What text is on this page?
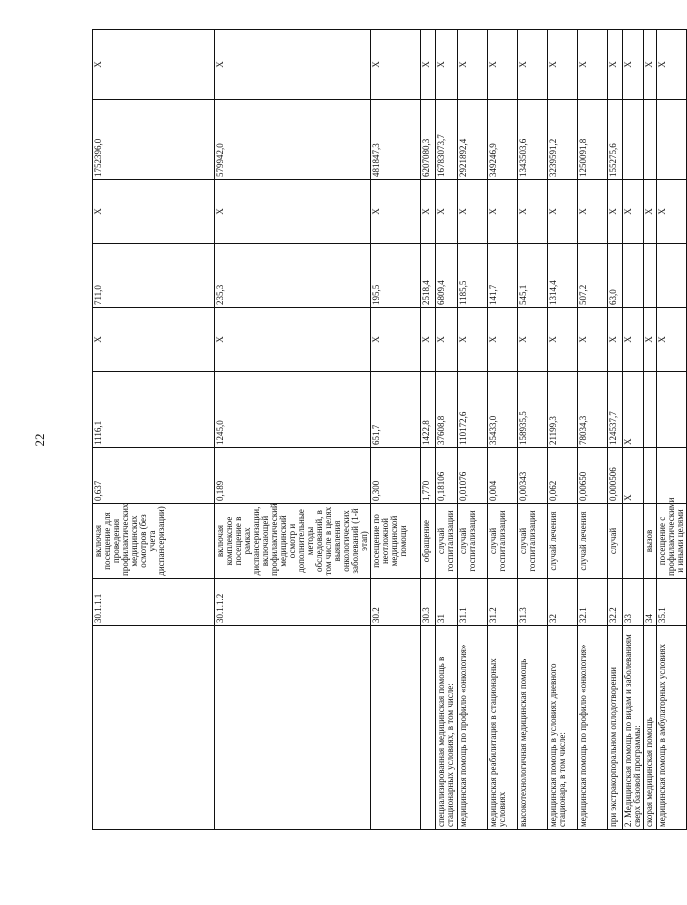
22
	30.1.1.1	включая посещение для проведения профилактических медицинских осмотров (без учета диспансеризации)	0,637	1116,1	X	711,0	X	1752396,0	X
	30.1.1.2	включая комплексное посещение в рамках диспансеризации, включающей профилактический медицинский осмотр и дополнительные методы обследований, в том числе в целях выявления онкологических заболеваний (1-й этап)	0,189	1245,0	X	235,3	X	579942,0	X
	30.2	посещение по неотложной медицинской помощи	0,300	651,7	X	195,5	X	481847,3	X
	30.3	обращение	1,770	1422,8	X	2518,4	X	6207080,3	X
специализированная медицинская помощь в стационарных условиях, в том числе:	31	случай госпитализации	0,18106	37608,8	X	6809,4	X	16783073,7	X
медицинская помощь по профилю «онкология»	31.1	случай госпитализации	0,01076	110172,6	X	1185,5	X	2921892,4	X
медицинская реабилитация в стационарных условиях	31.2	случай госпитализации	0,004	35433,0	X	141,7	X	349246,9	X
высокотехнологичная медицинская помощь	31.3	случай госпитализации	0,00343	158935,5	X	545,1	X	1343503,6	X
медицинская помощь в условиях дневного стационара, в том числе:	32	случай лечения	0,062	21199,3	X	1314,4	X	3239591,2	X
медицинская помощь по профилю «онкология»	32.1	случай лечения	0,00650	78034,3	X	507,2	X	1250091,8	X
при экстракорпоральном оплодотворении	32.2	случай	0,000506	124537,7	X	63,0	X	155275,6	X
2. Медицинская помощь по видам и заболеваниям сверх базовой программы:	33		X	X	X		X		X
скорая медицинская помощь	34	вызов			X		X		X
медицинская помощь в амбулаторных условиях	35.1	посещение с профилактическими и иными целями			X		X		X
